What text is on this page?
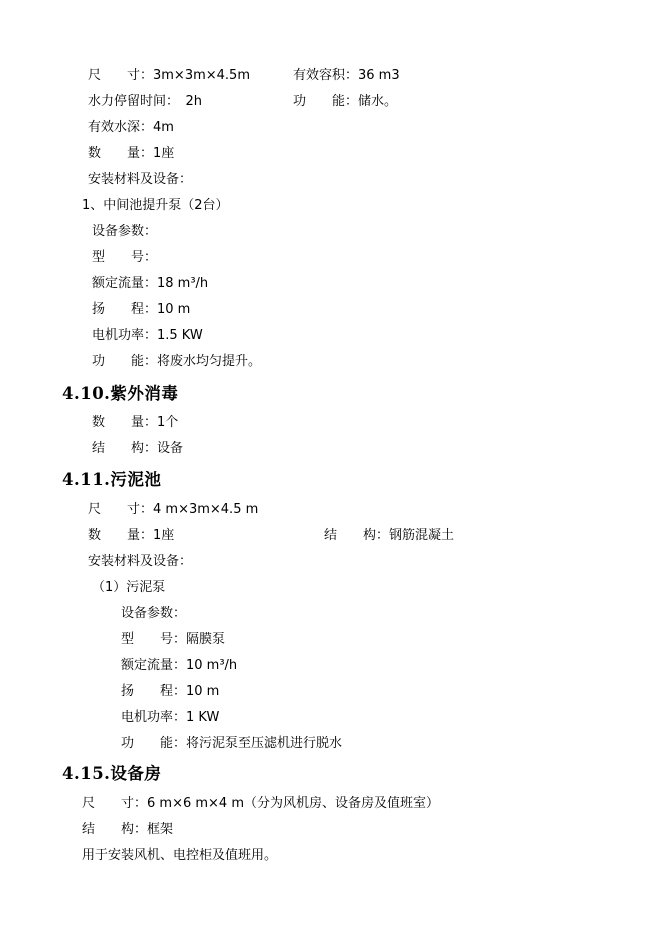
尺　　寸：3m×3m×4.5m	有效容积：36 m3
水力停留时间：　2h	功　　能：储水。
有效水深：4m
数　　量：1座
安装材料及设备：
1、中间池提升泵（2台）
设备参数：
型　　号：
额定流量：18 m³/h
扬　　程：10 m
电机功率：1.5 KW
功　　能：将废水均匀提升。
4.10.紫外消毒
数　　量：1个
结　　构：设备
4.11.污泥池
尺　　寸：4 m×3m×4.5 m
数　　量：1座	结　　构：钢筋混凝土
安装材料及设备：
（1）污泥泵
设备参数：
型　　号：隔膜泵
额定流量：10 m³/h
扬　　程：10 m
电机功率：1 KW
功　　能：将污泥泵至压滤机进行脱水
4.15.设备房
尺　　寸：6 m×6 m×4 m（分为风机房、设备房及值班室）
结　　构：框架
用于安装风机、电控柜及值班用。
